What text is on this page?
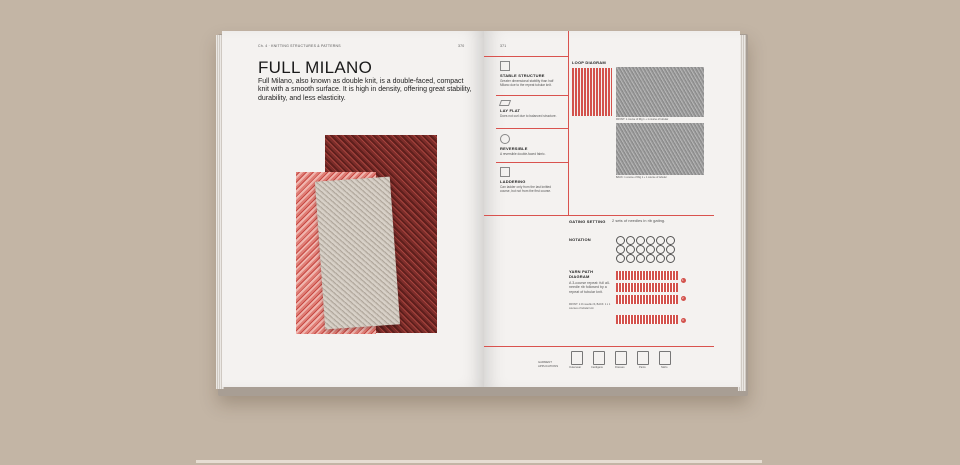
Ch. 4 · KNITTING STRUCTURES & PATTERNS	370
FULL MILANO
Full Milano, also known as double knit, is a double-faced, compact knit with a smooth surface. It is high in density, offering great stability, durability, and less elasticity.
371
STABLE STRUCTURE
Greater dimensional stability than half Milano due to the repeat tubular knit.
LAY FLAT
Does not curl due to balanced structure.
REVERSIBLE
A reversible double-faced fabric.
LADDERING
Can ladder only from the last knitted course, but not from the first course.
LOOP DIAGRAM
FRONT: 1 course of Rig 1 + 1 course of tubular
BACK: 1 course of Rig 1 + 1 course of tubular
GATING SETTING 2 sets of needles in rib gating.
NOTATION
YARN PATH DIAGRAM
A 3-course repeat: full all-needle rib followed by a repeat of tubular knit.
FRONT: 1 rib needle rib, BACK: 1 x 1 courses of tubular knit
GARMENT APPLICATIONS	Outerwear	Cardigans	Dresses	Pants	Skirts
1
2
3
